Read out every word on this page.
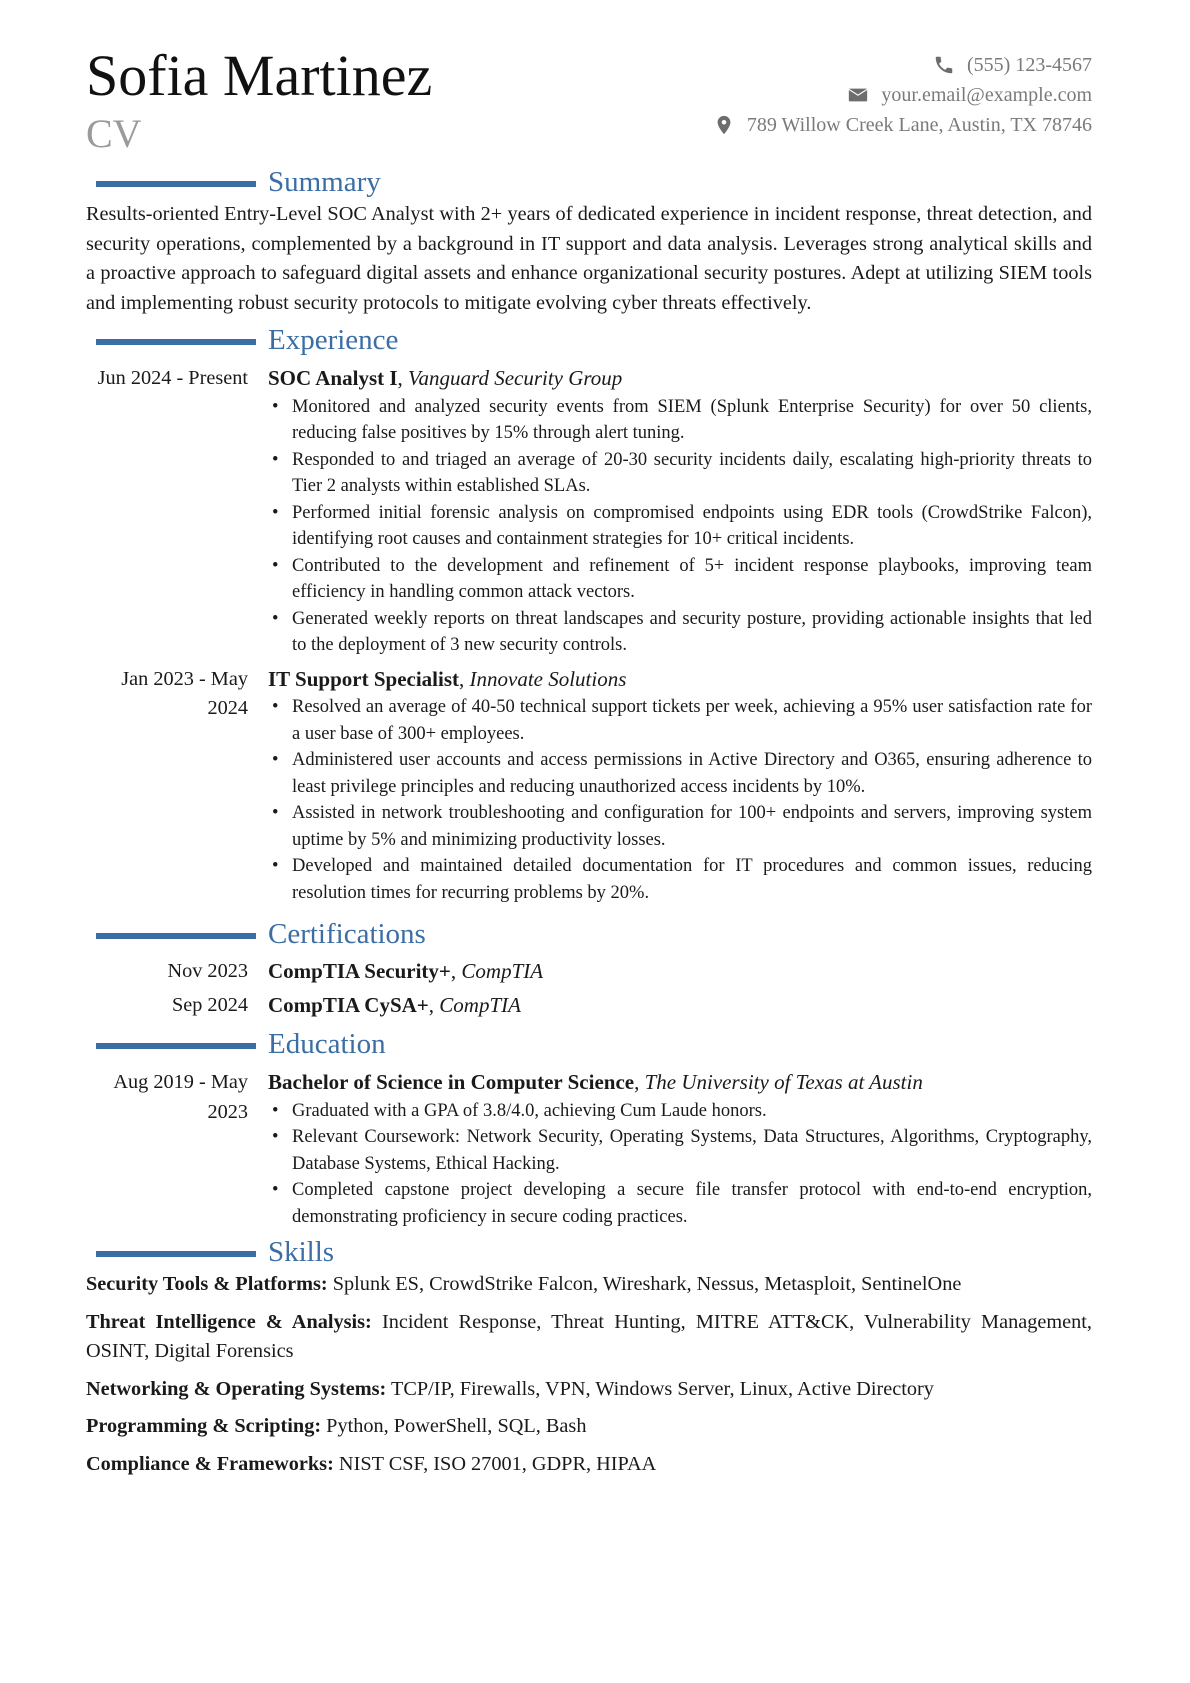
Sofia Martinez
CV
(555) 123-4567
your.email@example.com
789 Willow Creek Lane, Austin, TX 78746
Summary

Results-oriented Entry-Level SOC Analyst with 2+ years of dedicated experience in incident response, threat detection, and security operations, complemented by a background in IT support and data analysis. Leverages strong analytical skills and a proactive approach to safeguard digital assets and enhance organizational security postures. Adept at utilizing SIEM tools and implementing robust security protocols to mitigate evolving cyber threats effectively.

Experience
Jun 2024 - Present SOC Analyst I, Vanguard Security Group
• Monitored and analyzed security events from SIEM (Splunk Enterprise Security) for over 50 clients, reducing false positives by 15% through alert tuning.
• Responded to and triaged an average of 20-30 security incidents daily, escalating high-priority threats to Tier 2 analysts within established SLAs.
• Performed initial forensic analysis on compromised endpoints using EDR tools (CrowdStrike Falcon), identifying root causes and containment strategies for 10+ critical incidents.
• Contributed to the development and refinement of 5+ incident response playbooks, improving team efficiency in handling common attack vectors.
• Generated weekly reports on threat landscapes and security posture, providing actionable insights that led to the deployment of 3 new security controls.
Jan 2023 - May 2024
IT Support Specialist, Innovate Solutions
• Resolved an average of 40-50 technical support tickets per week, achieving a 95% user satisfaction rate for a user base of 300+ employees.
• Administered user accounts and access permissions in Active Directory and O365, ensuring adherence to least privilege principles and reducing unauthorized access incidents by 10%.
• Assisted in network troubleshooting and configuration for 100+ endpoints and servers, improving system uptime by 5% and minimizing productivity losses.
• Developed and maintained detailed documentation for IT procedures and common issues, reducing resolution times for recurring problems by 20%.
Certifications
Nov 2023 CompTIA Security+, CompTIA
Sep 2024 CompTIA CySA+, CompTIA
Education
Aug 2019 - May 2023
Bachelor of Science in Computer Science, The University of Texas at Austin
• Graduated with a GPA of 3.8/4.0, achieving Cum Laude honors.
• Relevant Coursework: Network Security, Operating Systems, Data Structures, Algorithms, Cryptography, Database Systems, Ethical Hacking.
• Completed capstone project developing a secure file transfer protocol with end-to-end encryption, demonstrating proficiency in secure coding practices.
Skills
Security Tools & Platforms: Splunk ES, CrowdStrike Falcon, Wireshark, Nessus, Metasploit, SentinelOne
Threat Intelligence & Analysis: Incident Response, Threat Hunting, MITRE ATT&CK, Vulnerability Management, OSINT, Digital Forensics
Networking & Operating Systems: TCP/IP, Firewalls, VPN, Windows Server, Linux, Active Directory
Programming & Scripting: Python, PowerShell, SQL, Bash
Compliance & Frameworks: NIST CSF, ISO 27001, GDPR, HIPAA
